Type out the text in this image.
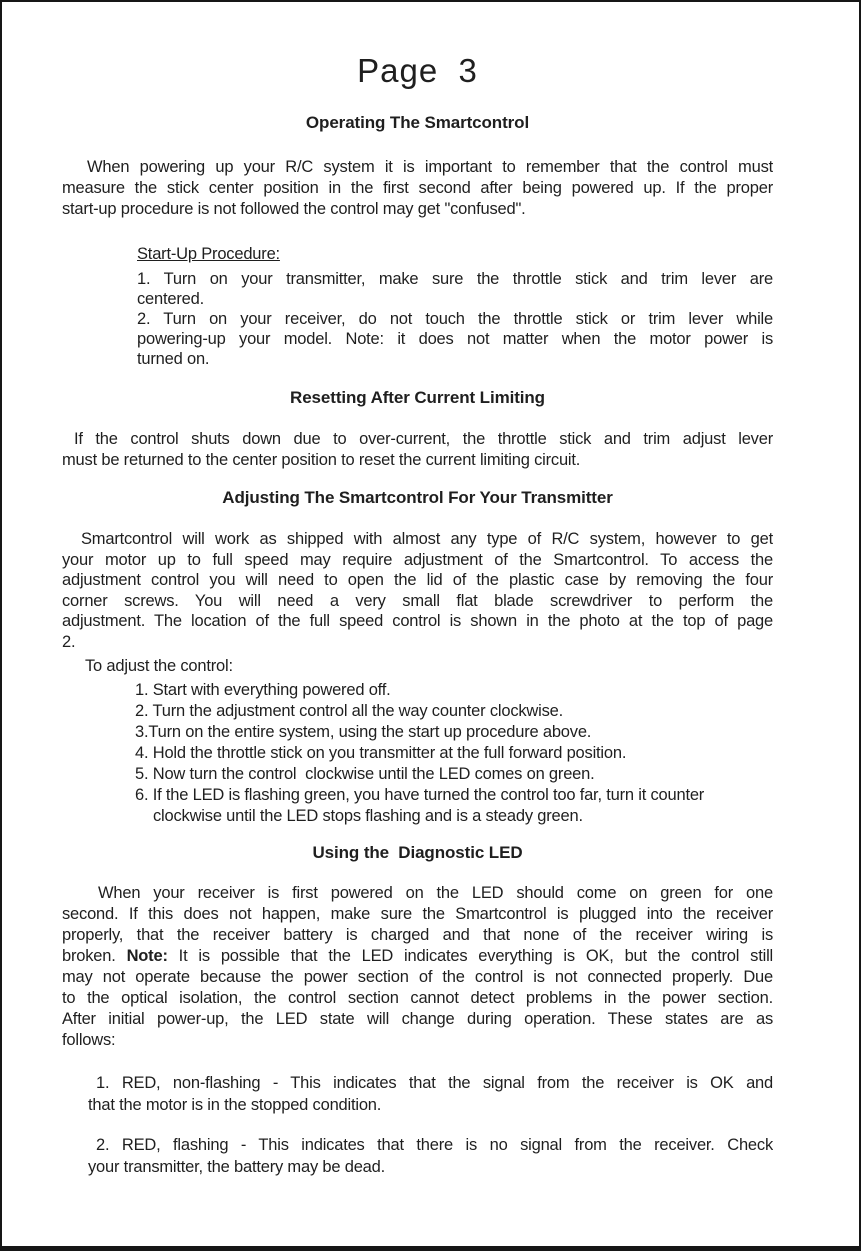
Page  3
Operating The Smartcontrol
When powering up your R/C system it is important to remember that the control must
measure the stick center position in the first second after being powered up. If the proper
start-up procedure is not followed the control may get "confused".
Start-Up Procedure:
1. Turn on your transmitter, make sure the throttle stick and trim lever are
centered.
2. Turn on your receiver, do not touch the throttle stick or trim lever while
powering-up your model. Note: it does not matter when the motor power is
turned on.
Resetting After Current Limiting
If the control shuts down due to over-current, the throttle stick and trim adjust lever
must be returned to the center position to reset the current limiting circuit.
Adjusting The Smartcontrol For Your Transmitter
Smartcontrol will work as shipped with almost any type of R/C system, however to get
your motor up to full speed may require adjustment of the Smartcontrol. To access the
adjustment control you will need to open the lid of the plastic case by removing the four
corner screws. You will need a very small flat blade screwdriver to perform the
adjustment. The location of the full speed control is shown in the photo at the top of page
2.
To adjust the control:
1. Start with everything powered off.
2. Turn the adjustment control all the way counter clockwise.
3.Turn on the entire system, using the start up procedure above.
4. Hold the throttle stick on you transmitter at the full forward position.
5. Now turn the control  clockwise until the LED comes on green.
6. If the LED is flashing green, you have turned the control too far, turn it counter
clockwise until the LED stops flashing and is a steady green.
Using the  Diagnostic LED
When your receiver is first powered on the LED should come on green for one
second. If this does not happen, make sure the Smartcontrol is plugged into the receiver
properly, that the receiver battery is charged and that none of the receiver wiring is
broken. Note: It is possible that the LED indicates everything is OK, but the control still
may not operate because the power section of the control is not connected properly. Due
to the optical isolation, the control section cannot detect problems in the power section.
After initial power-up, the LED state will change during operation. These states are as
follows:
1. RED, non-flashing - This indicates that the signal from the receiver is OK and
that the motor is in the stopped condition.
2. RED, flashing - This indicates that there is no signal from the receiver. Check
your transmitter, the battery may be dead.
